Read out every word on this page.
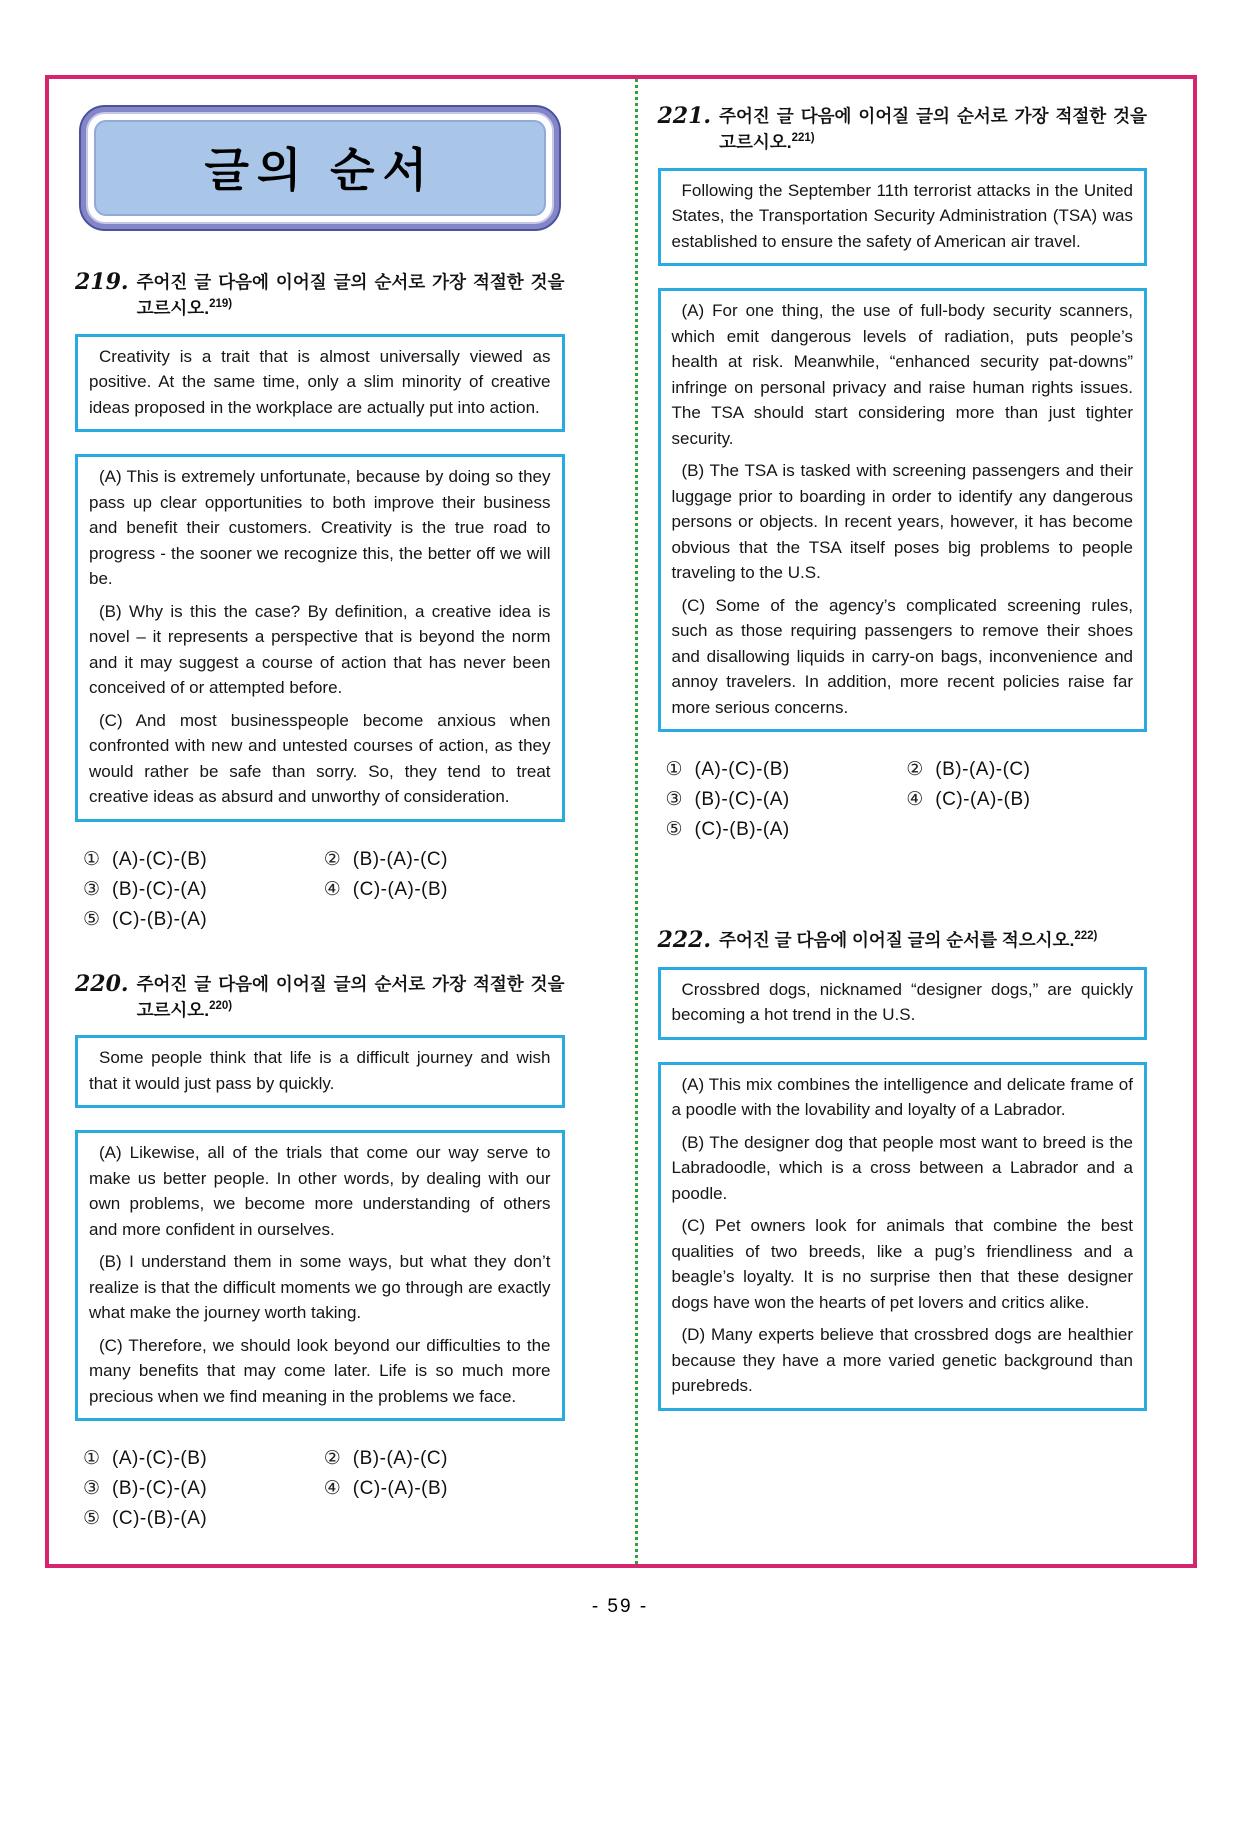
글의 순서
219. 주어진 글 다음에 이어질 글의 순서로 가장 적절한 것을 고르시오.$^{219)}$

Creativity is a trait that is almost universally viewed as positive. At the same time, only a slim minority of creative ideas proposed in the workplace are actually put into action.

(A) This is extremely unfortunate, because by doing so they pass up clear opportunities to both improve their business and benefit their customers. Creativity is the true road to progress - the sooner we recognize this, the better off we will be.

(B) Why is this the case? By definition, a creative idea is novel – it represents a perspective that is beyond the norm and it may suggest a course of action that has never been conceived of or attempted before.

(C) And most businesspeople become anxious when confronted with new and untested courses of action, as they would rather be safe than sorry. So, they tend to treat creative ideas as absurd and unworthy of consideration.

① (A)-(C)-(B)	② (B)-(A)-(C)
③ (B)-(C)-(A)	④ (C)-(A)-(B)
⑤ (C)-(B)-(A)
220. 주어진 글 다음에 이어질 글의 순서로 가장 적절한 것을 고르시오.$^{220)}$

Some people think that life is a difficult journey and wish that it would just pass by quickly.

(A) Likewise, all of the trials that come our way serve to make us better people. In other words, by dealing with our own problems, we become more understanding of others and more confident in ourselves.

(B) I understand them in some ways, but what they don’t realize is that the difficult moments we go through are exactly what make the journey worth taking.

(C) Therefore, we should look beyond our difficulties to the many benefits that may come later. Life is so much more precious when we find meaning in the problems we face.

① (A)-(C)-(B)	② (B)-(A)-(C)
③ (B)-(C)-(A)	④ (C)-(A)-(B)
⑤ (C)-(B)-(A)
221. 주어진 글 다음에 이어질 글의 순서로 가장 적절한 것을 고르시오.$^{221)}$

Following the September 11th terrorist attacks in the United States, the Transportation Security Administration (TSA) was established to ensure the safety of American air travel.

(A) For one thing, the use of full-body security scanners, which emit dangerous levels of radiation, puts people’s health at risk. Meanwhile, “enhanced security pat-downs” infringe on personal privacy and raise human rights issues. The TSA should start considering more than just tighter security.

(B) The TSA is tasked with screening passengers and their luggage prior to boarding in order to identify any dangerous persons or objects. In recent years, however, it has become obvious that the TSA itself poses big problems to people traveling to the U.S.

(C) Some of the agency’s complicated screening rules, such as those requiring passengers to remove their shoes and disallowing liquids in carry-on bags, inconvenience and annoy travelers. In addition, more recent policies raise far more serious concerns.

① (A)-(C)-(B)	② (B)-(A)-(C)
③ (B)-(C)-(A)	④ (C)-(A)-(B)
⑤ (C)-(B)-(A)
222. 주어진 글 다음에 이어질 글의 순서를 적으시오.$^{222)}$

Crossbred dogs, nicknamed “designer dogs,” are quickly becoming a hot trend in the U.S.

(A) This mix combines the intelligence and delicate frame of a poodle with the lovability and loyalty of a Labrador.

(B) The designer dog that people most want to breed is the Labradoodle, which is a cross between a Labrador and a poodle.

(C) Pet owners look for animals that combine the best qualities of two breeds, like a pug’s friendliness and a beagle’s loyalty. It is no surprise then that these designer dogs have won the hearts of pet lovers and critics alike.

(D) Many experts believe that crossbred dogs are healthier because they have a more varied genetic background than purebreds.

- 59 -
